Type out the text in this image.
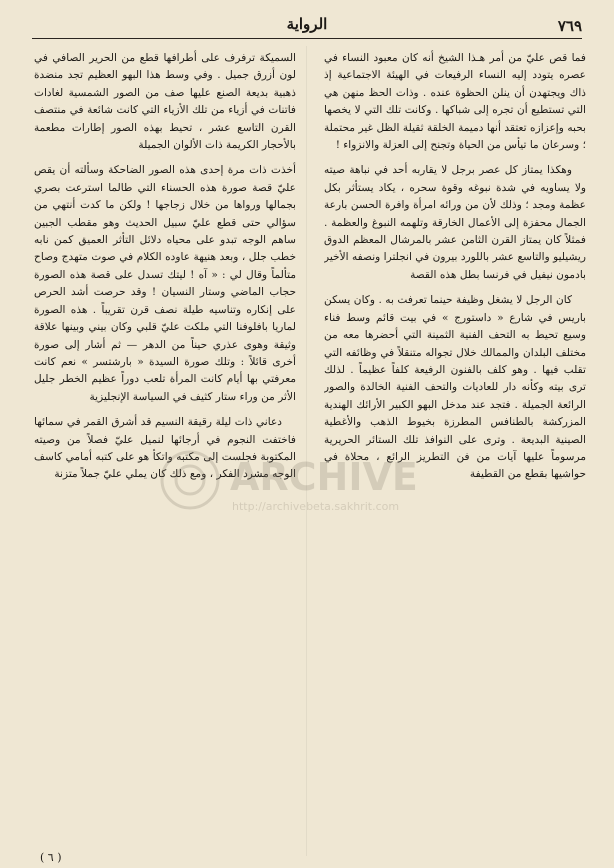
٧٦٩
الرواية

فما قص عليّ من أمر هـذا الشيخ أنه كان معبود النساء في عصره يتودد إليه النساء الرفيعات في الهيئة الاجتماعية إذ ذاك ويجتهدن أن ينلن الحظوة عنده . وذات الحظ منهن هي التي تستطيع أن تجره إلى شباكها . وكانت تلك التي لا يخصها بحبه وإعزازه تعتقد أنها دميمة الخلقة ثقيلة الظل غير محتملة ؛ وسرعان ما تيأس من الحياة وتجنح إلى العزلة والانزواء !

وهكذا يمتاز كل عصر برجل لا يقاربه أحد في نباهة صيته ولا يساويه في شدة نبوغه وقوة سحره ، يكاد يستأثر بكل عظمة ومجد ؛ وذلك لأن من ورائه امرأة وافرة الحسن بارعة الجمال محفزة إلى الأعمال الخارقة وتلهمه النبوغ والعظمة . فمثلاً كان يمتاز القرن الثامن عشر بالمرشال المعظم الدوق ريشيليو والتاسع عشر باللورد بيرون في انجلترا ونصفه الأخير بادمون نيفيل في فرنسا بطل هذه القصة

كان الرجل لا يشغل وظيفة حينما تعرفت به . وكان يسكن باريس في شارع « داستورج » في بيت قائم وسط فناء وسيع تحيط به التحف الفنية الثمينة التي أحضرها معه من مختلف البلدان والممالك خلال تجواله متنقلاً في وظائفه التي تقلب فيها . وهو كلف بالفنون الرفيعة كلفاً عظيماً . لذلك ترى بيته وكأنه دار للعاديات والتحف الفنية الخالدة والصور الرائعة الجميلة . فتجد عند مدخل البهو الكبير الأرائك الهندية المزركشة بالطنافس المطرزة بخيوط الذهب والأغطية الصينية البديعة . وترى على النوافذ تلك الستائر الحريرية مرسوماً عليها آيات من فن التطريز الرائع ، محلاة في حواشيها بقطع من القطيفة

السميكة ترفرف على أطرافها قطع من الحرير الصافي في لون أزرق جميل . وفي وسط هذا البهو العظيم تجد منضدة ذهبية بديعة الصنع عليها صف من الصور الشمسية لغادات فاتنات في أزياء من تلك الأزياء التي كانت شائعة في منتصف القرن التاسع عشر ، تحيط بهذه الصور إطارات مطعمة بالأحجار الكريمة ذات الألوان الجميلة

أخذت ذات مرة إحدى هذه الصور الضاحكة وسألته أن يقص عليّ قصة صورة هذه الحسناء التي طالما استرعت بصري بجمالها ورواها من خلال زجاجها ! ولكن ما كدت أنتهي من سؤالي حتى قطع عليّ سبيل الحديث وهو مقطب الجبين ساهم الوجه تبدو على محياه دلائل التأثر العميق كمن نابه خطب جلل ، وبعد هنيهة عاوده الكلام في صوت متهدج وصاح متألماً وقال لي : « آه ! ليتك تسدل على قصة هذه الصورة حجاب الماضي وستار النسيان ! وقد حرصت أشد الحرص على إنكاره وتناسيه طيلة نصف قرن تقريباً . هذه الصورة لماريا بافلوفنا التي ملكت عليّ قلبي وكان بيني وبينها علاقة وثيقة وهوى عذري حيناً من الدهر — ثم أشار إلى صورة أخرى قائلاً : وتلك صورة السيدة « بارشتسر » نعم كانت معرفتي بها أيام كانت المرأة تلعب دوراً عظيم الخطر جليل الأثر من وراء ستار كثيف في السياسة الإنجليزية

دعاني ذات ليلة رقيقة النسيم قد أشرق القمر في سمائها فاختفت النجوم في أرجائها لنميل عليّ فصلاً من وصيته المكتوبة فجلست إلى مكتبه واتكأ هو على كتبه أمامي كاسف الوجه مشرد الفكر ، ومع ذلك كان يملي عليّ جملاً متزنة

( ٦ )
ARCHIVE
http://archivebeta.sakhrit.com
